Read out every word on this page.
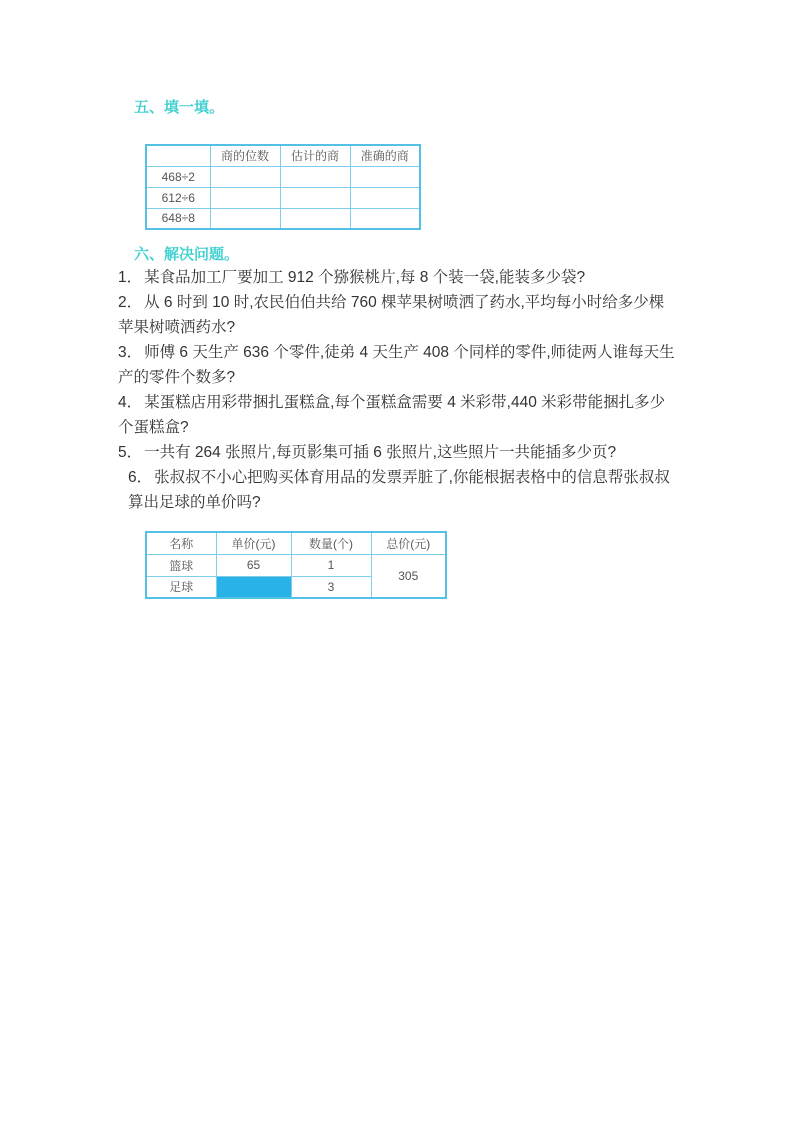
五、填一填。
	商的位数	估计的商	准确的商
468÷2			
612÷6			
648÷8			
六、解决问题。

1． 某食品加工厂要加工 912 个猕猴桃片,每 8 个装一袋,能装多少袋?

2． 从 6 时到 10 时,农民伯伯共给 760 棵苹果树喷洒了药水,平均每小时给多少棵苹果树喷洒药水?

3． 师傅 6 天生产 636 个零件,徒弟 4 天生产 408 个同样的零件,师徒两人谁每天生产的零件个数多?

4． 某蛋糕店用彩带捆扎蛋糕盒,每个蛋糕盒需要 4 米彩带,440 米彩带能捆扎多少个蛋糕盒?

5． 一共有 264 张照片,每页影集可插 6 张照片,这些照片一共能插多少页?

6． 张叔叔不小心把购买体育用品的发票弄脏了,你能根据表格中的信息帮张叔叔算出足球的单价吗?

名称	单价(元)	数量(个)	总价(元)
篮球	65	1	305
足球		3	
